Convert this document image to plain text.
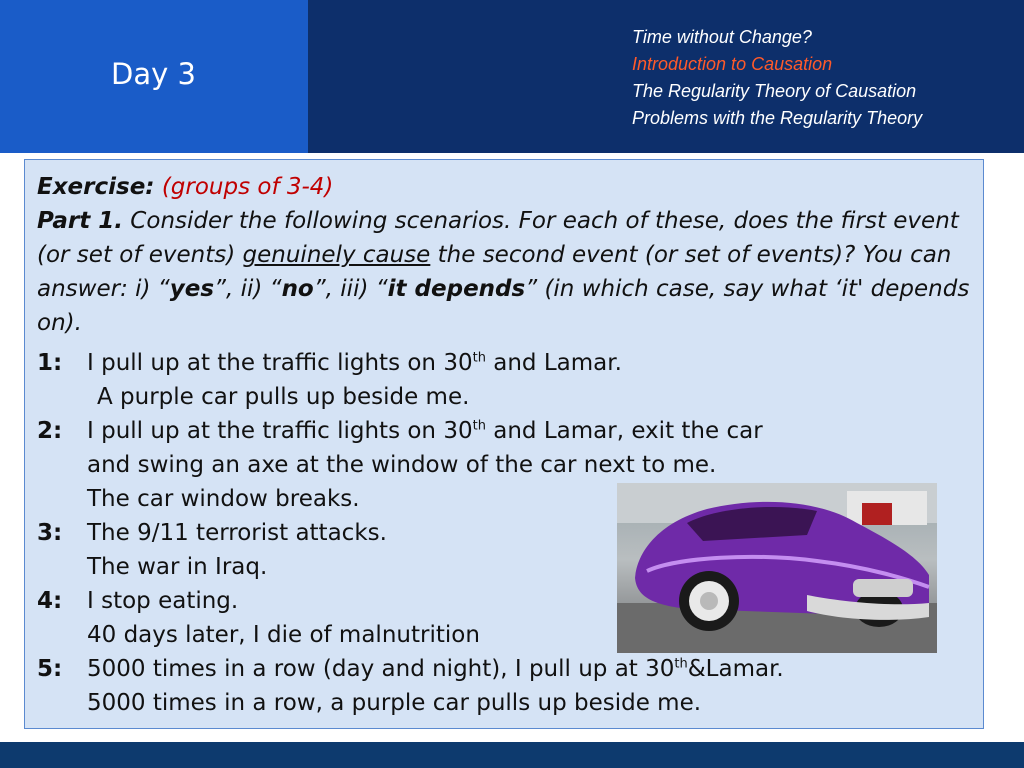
Day 3
Time without Change?
Introduction to Causation
The Regularity Theory of Causation
Problems with the Regularity Theory

Exercise: (groups of 3-4)
Part 1. Consider the following scenarios. For each of these, does the first event (or set of events) genuinely cause the second event (or set of events)? You can answer: i) “yes”, ii) “no”, iii) “it depends” (in which case, say what ‘it' depends on).

1: I pull up at the traffic lights on 30th and Lamar.
A purple car pulls up beside me.
2: I pull up at the traffic lights on 30th and Lamar, exit the car
and swing an axe at the window of the car next to me.
The car window breaks.
3: The 9/11 terrorist attacks.
The war in Iraq.
4: I stop eating.
40 days later, I die of malnutrition
5: 5000 times in a row (day and night), I pull up at 30th&Lamar.
5000 times in a row, a purple car pulls up beside me.
